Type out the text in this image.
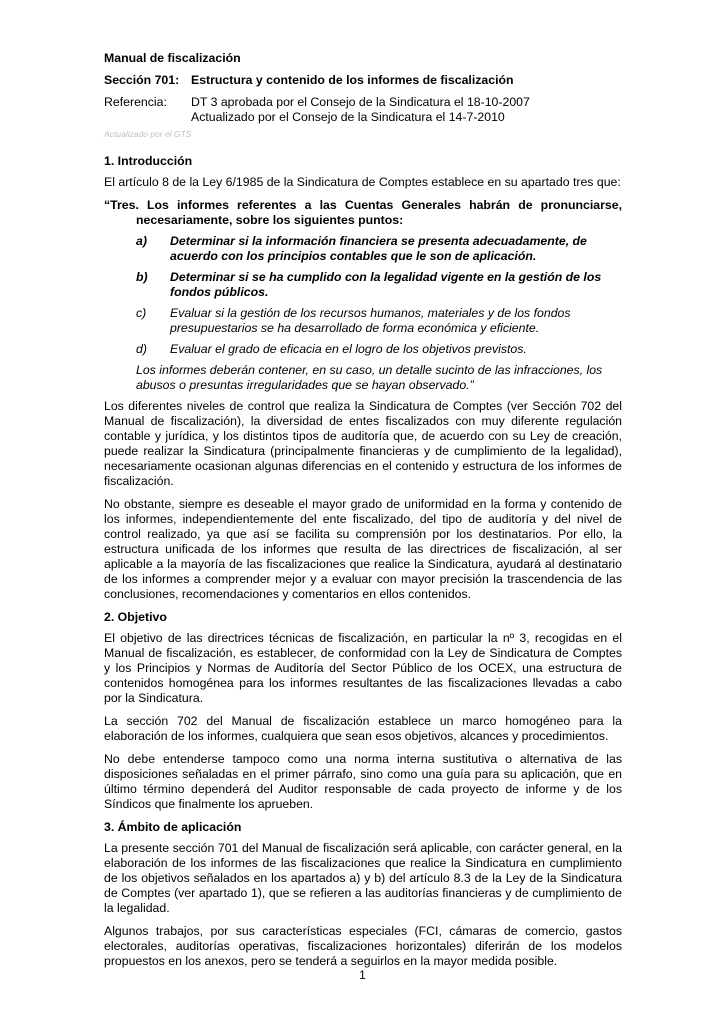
Manual de fiscalización
Sección 701: Estructura y contenido de los informes de fiscalización
Referencia:	DT 3 aprobada por el Consejo de la Sindicatura el 18-10-2007
Actualizado por el Consejo de la Sindicatura el 14-7-2010
Actualizado por el GTS
1. Introducción

El artículo 8 de la Ley 6/1985 de la Sindicatura de Comptes establece en su apartado tres que:

“Tres. Los informes referentes a las Cuentas Generales habrán de pronunciarse, necesariamente, sobre los siguientes puntos:
a)	Determinar si la información financiera se presenta adecuadamente, de acuerdo con los principios contables que le son de aplicación.
b)	Determinar si se ha cumplido con la legalidad vigente en la gestión de los fondos públicos.
c)	Evaluar si la gestión de los recursos humanos, materiales y de los fondos presupuestarios se ha desarrollado de forma económica y eficiente.
d)	Evaluar el grado de eficacia en el logro de los objetivos previstos.
Los informes deberán contener, en su caso, un detalle sucinto de las infracciones, los abusos o presuntas irregularidades que se hayan observado.”

Los diferentes niveles de control que realiza la Sindicatura de Comptes (ver Sección 702 del Manual de fiscalización), la diversidad de entes fiscalizados con muy diferente regulación contable y jurídica, y los distintos tipos de auditoría que, de acuerdo con su Ley de creación, puede realizar la Sindicatura (principalmente financieras y de cumplimiento de la legalidad), necesariamente ocasionan algunas diferencias en el contenido y estructura de los informes de fiscalización.

No obstante, siempre es deseable el mayor grado de uniformidad en la forma y contenido de los informes, independientemente del ente fiscalizado, del tipo de auditoría y del nivel de control realizado, ya que así se facilita su comprensión por los destinatarios. Por ello, la estructura unificada de los informes que resulta de las directrices de fiscalización, al ser aplicable a la mayoría de las fiscalizaciones que realice la Sindicatura, ayudará al destinatario de los informes a comprender mejor y a evaluar con mayor precisión la trascendencia de las conclusiones, recomendaciones y comentarios en ellos contenidos.

2. Objetivo

El objetivo de las directrices técnicas de fiscalización, en particular la nº 3, recogidas en el Manual de fiscalización, es establecer, de conformidad con la Ley de Sindicatura de Comptes y los Principios y Normas de Auditoría del Sector Público de los OCEX, una estructura de contenidos homogénea para los informes resultantes de las fiscalizaciones llevadas a cabo por la Sindicatura.

La sección 702 del Manual de fiscalización establece un marco homogéneo para la elaboración de los informes, cualquiera que sean esos objetivos, alcances y procedimientos.

No debe entenderse tampoco como una norma interna sustitutiva o alternativa de las disposiciones señaladas en el primer párrafo, sino como una guía para su aplicación, que en último término dependerá del Auditor responsable de cada proyecto de informe y de los Síndicos que finalmente los aprueben.

3. Ámbito de aplicación

La presente sección 701 del Manual de fiscalización será aplicable, con carácter general, en la elaboración de los informes de las fiscalizaciones que realice la Sindicatura en cumplimiento de los objetivos señalados en los apartados a) y b) del artículo 8.3 de la Ley de la Sindicatura de Comptes (ver apartado 1), que se refieren a las auditorías financieras y de cumplimiento de la legalidad.

Algunos trabajos, por sus características especiales (FCI, cámaras de comercio, gastos electorales, auditorías operativas, fiscalizaciones horizontales) diferirán de los modelos propuestos en los anexos, pero se tenderá a seguirlos en la mayor medida posible.

1
